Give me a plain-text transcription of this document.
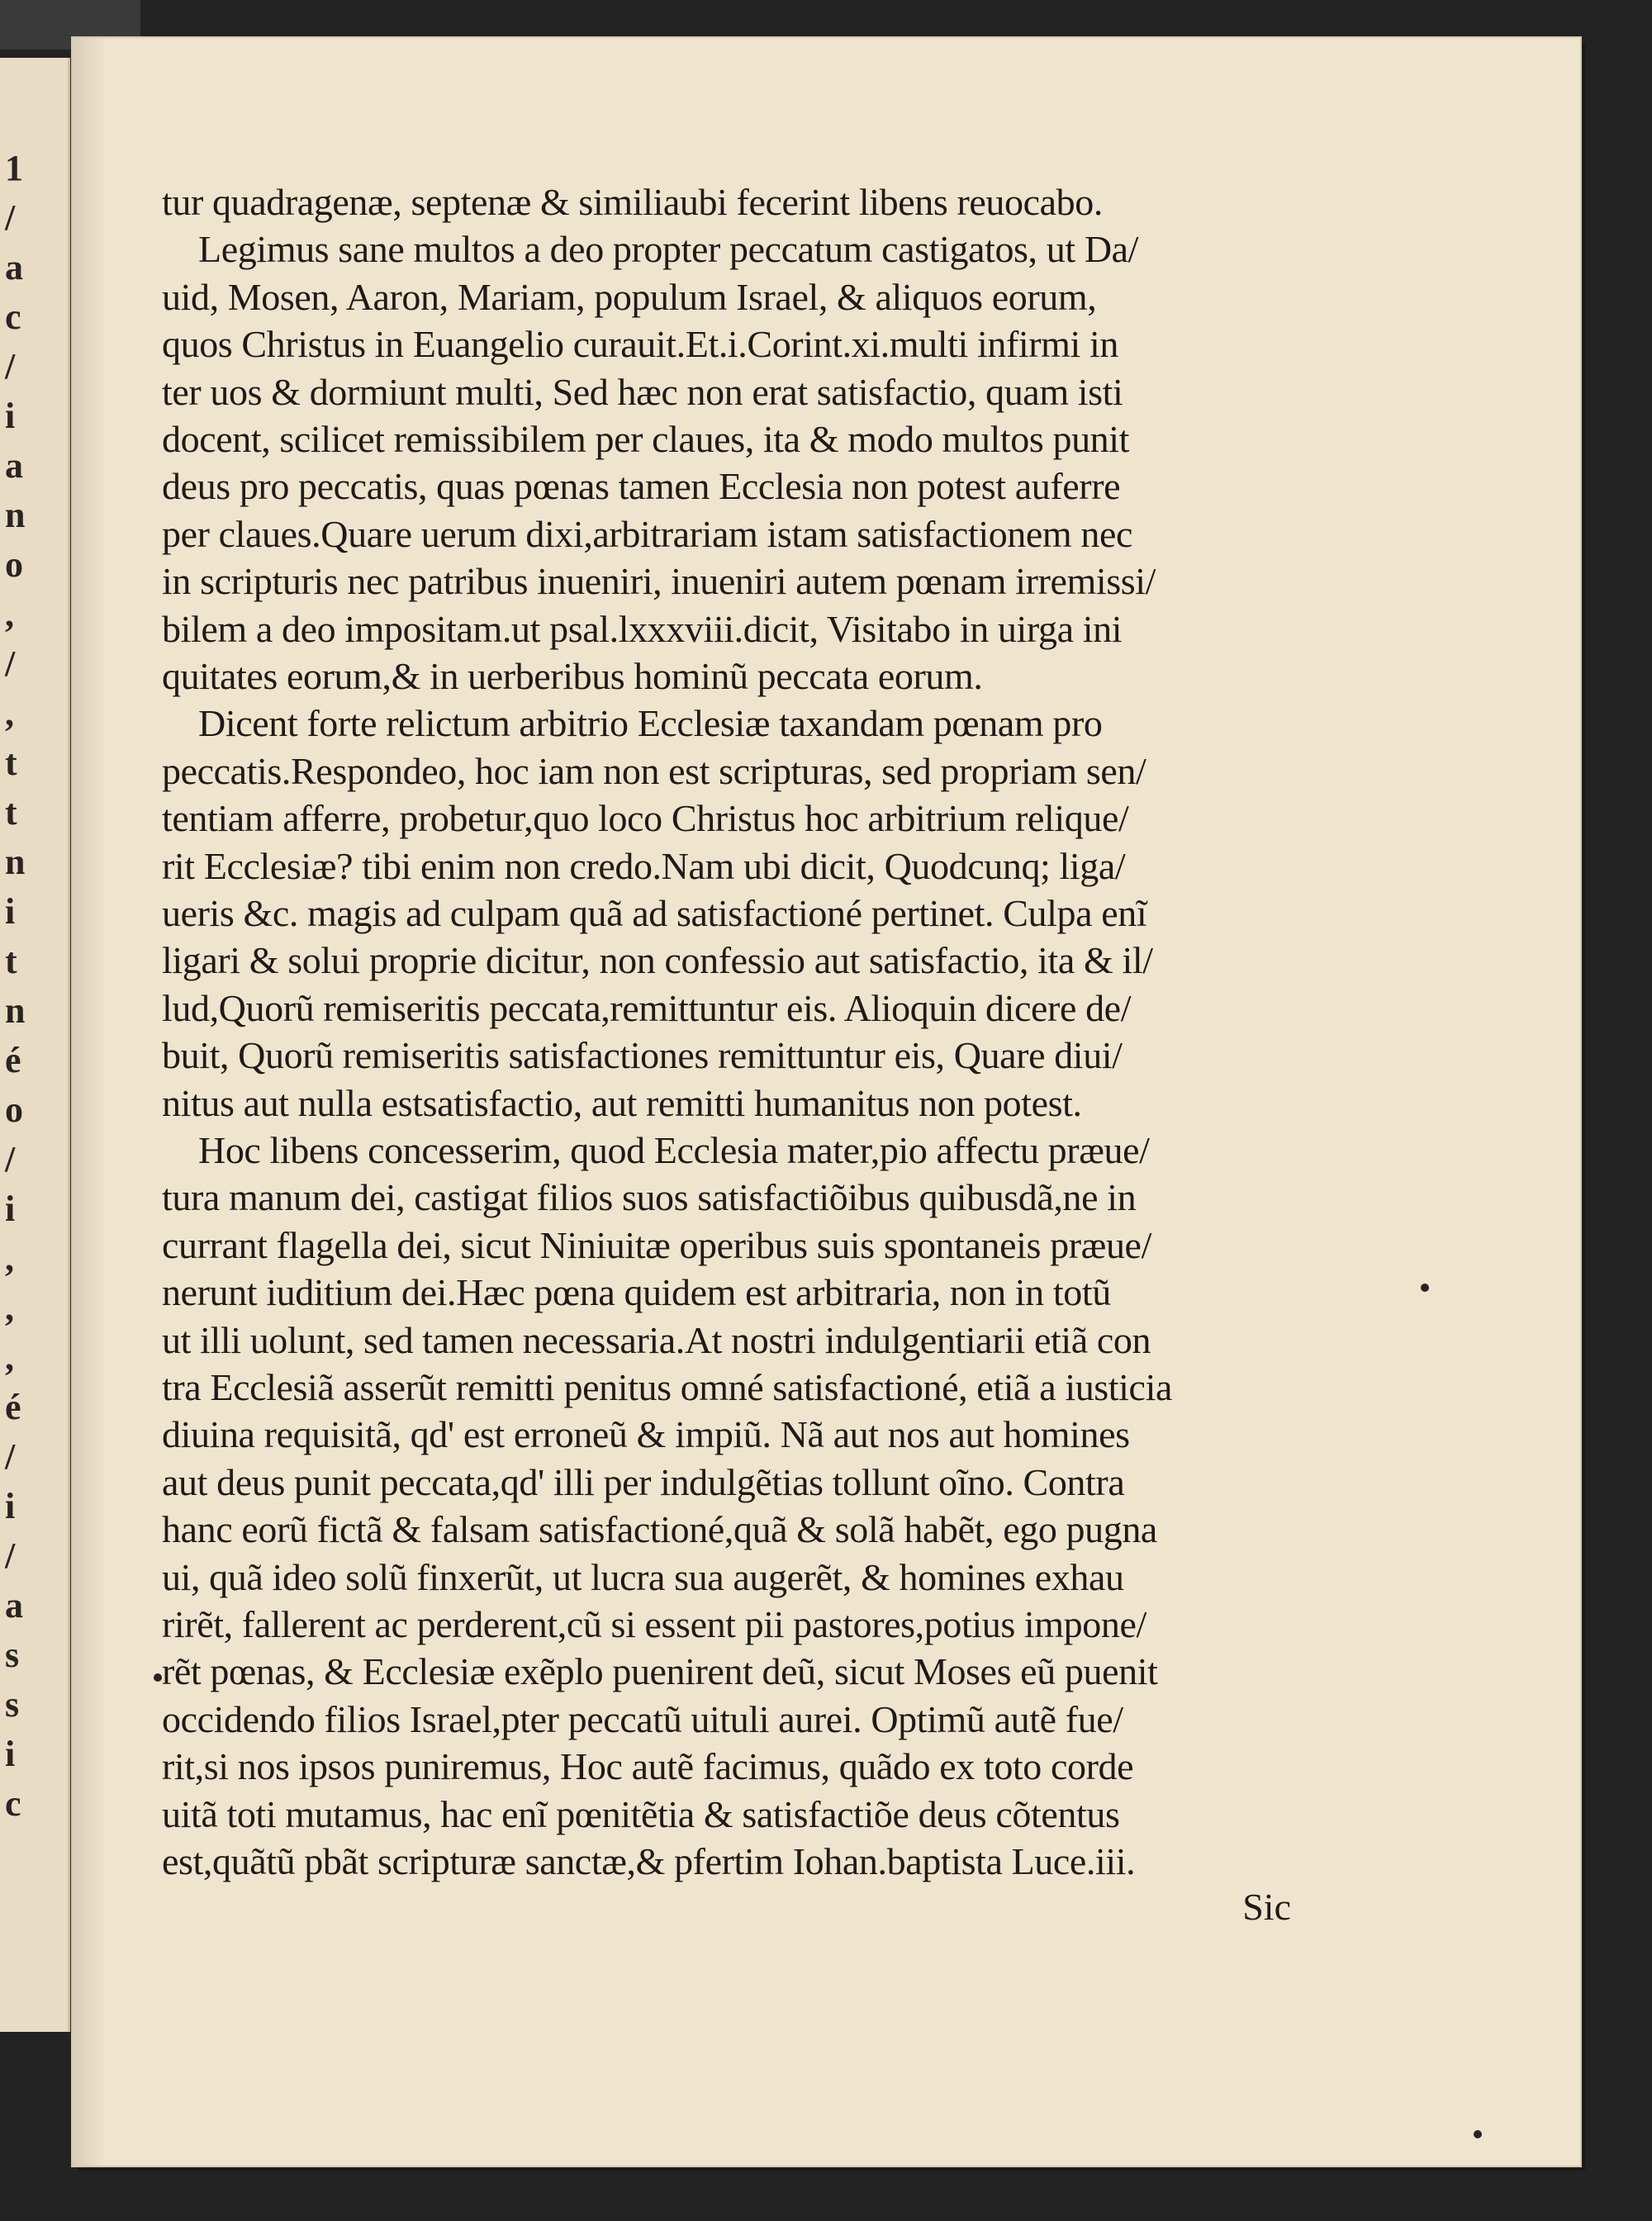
1
/
a
c
/
i
a
n
o
,
/
,
t
t
n
i
t
n
é
o
/
i
,
,
,
é
/
i
/
a
s
s
i
c
tur quadragenæ, septenæ & similiaubi fecerint libens reuocabo.
Legimus sane multos a deo propter peccatum castigatos, ut Da/
uid, Mosen, Aaron, Mariam, populum Israel, & aliquos eorum,
quos Christus in Euangelio curauit.Et.i.Corint.xi.multi infirmi in
ter uos & dormiunt multi, Sed hæc non erat satisfactio, quam isti
docent, scilicet remissibilem per claues, ita & modo multos punit
deus pro peccatis, quas pœnas tamen Ecclesia non potest auferre
per claues.Quare uerum dixi,arbitrariam istam satisfactionem nec
in scripturis nec patribus inueniri, inueniri autem pœnam irremissi/
bilem a deo impositam.ut psal.lxxxviii.dicit, Visitabo in uirga ini
quitates eorum,& in uerberibus hominũ peccata eorum.
Dicent forte relictum arbitrio Ecclesiæ taxandam pœnam pro
peccatis.Respondeo, hoc iam non est scripturas, sed propriam sen/
tentiam afferre, probetur,quo loco Christus hoc arbitrium relique/
rit Ecclesiæ? tibi enim non credo.Nam ubi dicit, Quodcunq; liga/
ueris &c. magis ad culpam quã ad satisfactioné pertinet. Culpa enĩ
ligari & solui proprie dicitur, non confessio aut satisfactio, ita & il/
lud,Quorũ remiseritis peccata,remittuntur eis. Alioquin dicere de/
buit, Quorũ remiseritis satisfactiones remittuntur eis, Quare diui/
nitus aut nulla estsatisfactio, aut remitti humanitus non potest.
Hoc libens concesserim, quod Ecclesia mater,pio affectu præue/
tura manum dei, castigat filios suos satisfactiõibus quibusdã,ne in
currant flagella dei, sicut Niniuitæ operibus suis spontaneis præue/
nerunt iuditium dei.Hæc pœna quidem est arbitraria, non in totũ
ut illi uolunt, sed tamen necessaria.At nostri indulgentiarii etiã con
tra Ecclesiã asserũt remitti penitus omné satisfactioné, etiã a iusticia
diuina requisitã, qd' est erroneũ & impiũ. Nã aut nos aut homines
aut deus punit peccata,qd' illi per indulgẽtias tollunt oĩno. Contra
hanc eorũ fictã & falsam satisfactioné,quã & solã habẽt, ego pugna
ui, quã ideo solũ finxerũt, ut lucra sua augerẽt, & homines exhau
rirẽt, fallerent ac perderent,cũ si essent pii pastores,potius impone/
rẽt pœnas, & Ecclesiæ exẽplo puenirent deũ, sicut Moses eũ puenit
occidendo filios Israel,pter peccatũ uituli aurei. Optimũ autẽ fue/
rit,si nos ipsos puniremus, Hoc autẽ facimus, quãdo ex toto corde
uitã toti mutamus, hac enĩ pœnitẽtia & satisfactiõe deus cõtentus
est,quãtũ pbãt scripturæ sanctæ,& pfertim Iohan.baptista Luce.iii.
Sic
